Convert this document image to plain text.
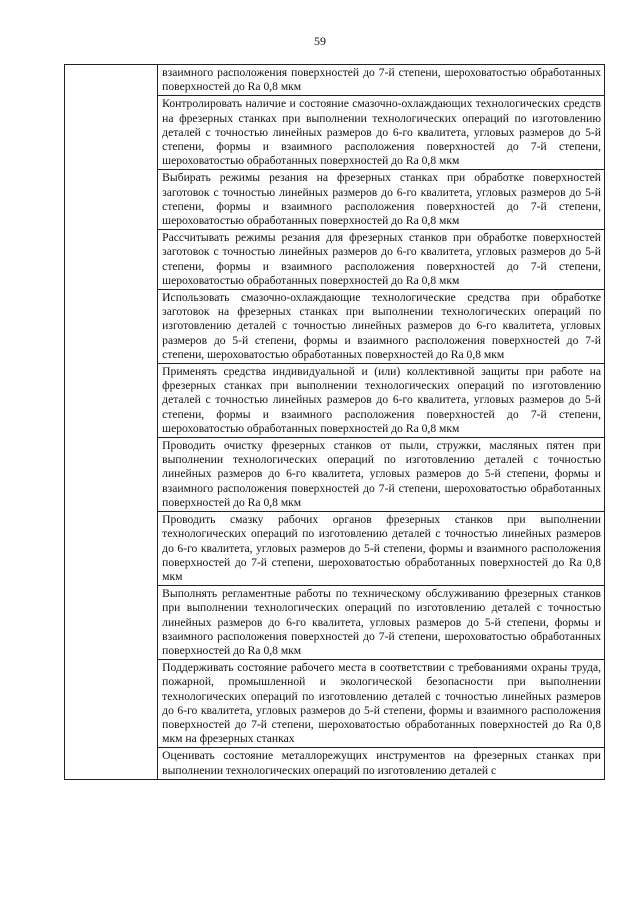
59
	взаимного расположения поверхностей до 7-й степени, шероховатостью обработанных поверхностей до Ra 0,8 мкм
Контролировать наличие и состояние смазочно-охлаждающих технологических средств на фрезерных станках при выполнении технологических операций по изготовлению деталей с точностью линейных размеров до 6-го квалитета, угловых размеров до 5-й степени, формы и взаимного расположения поверхностей до 7-й степени, шероховатостью обработанных поверхностей до Ra 0,8 мкм
Выбирать режимы резания на фрезерных станках при обработке поверхностей заготовок с точностью линейных размеров до 6-го квалитета, угловых размеров до 5-й степени, формы и взаимного расположения поверхностей до 7-й степени, шероховатостью обработанных поверхностей до Ra 0,8 мкм
Рассчитывать режимы резания для фрезерных станков при обработке поверхностей заготовок с точностью линейных размеров до 6-го квалитета, угловых размеров до 5-й степени, формы и взаимного расположения поверхностей до 7-й степени, шероховатостью обработанных поверхностей до Ra 0,8 мкм
Использовать смазочно-охлаждающие технологические средства при обработке заготовок на фрезерных станках при выполнении технологических операций по изготовлению деталей с точностью линейных размеров до 6-го квалитета, угловых размеров до 5-й степени, формы и взаимного расположения поверхностей до 7-й степени, шероховатостью обработанных поверхностей до Ra 0,8 мкм
Применять средства индивидуальной и (или) коллективной защиты при работе на фрезерных станках при выполнении технологических операций по изготовлению деталей с точностью линейных размеров до 6-го квалитета, угловых размеров до 5-й степени, формы и взаимного расположения поверхностей до 7-й степени, шероховатостью обработанных поверхностей до Ra 0,8 мкм
Проводить очистку фрезерных станков от пыли, стружки, масляных пятен при выполнении технологических операций по изготовлению деталей с точностью линейных размеров до 6-го квалитета, угловых размеров до 5-й степени, формы и взаимного расположения поверхностей до 7-й степени, шероховатостью обработанных поверхностей до Ra 0,8 мкм
Проводить смазку рабочих органов фрезерных станков при выполнении технологических операций по изготовлению деталей с точностью линейных размеров до 6-го квалитета, угловых размеров до 5-й степени, формы и взаимного расположения поверхностей до 7-й степени, шероховатостью обработанных поверхностей до Ra 0,8 мкм
Выполнять регламентные работы по техническому обслуживанию фрезерных станков при выполнении технологических операций по изготовлению деталей с точностью линейных размеров до 6-го квалитета, угловых размеров до 5-й степени, формы и взаимного расположения поверхностей до 7-й степени, шероховатостью обработанных поверхностей до Ra 0,8 мкм
Поддерживать состояние рабочего места в соответствии с требованиями охраны труда, пожарной, промышленной и экологической безопасности при выполнении технологических операций по изготовлению деталей с точностью линейных размеров до 6-го квалитета, угловых размеров до 5-й степени, формы и взаимного расположения поверхностей до 7-й степени, шероховатостью обработанных поверхностей до Ra 0,8 мкм на фрезерных станках
Оценивать состояние металлорежущих инструментов на фрезерных станках при выполнении технологических операций по изготовлению деталей с
